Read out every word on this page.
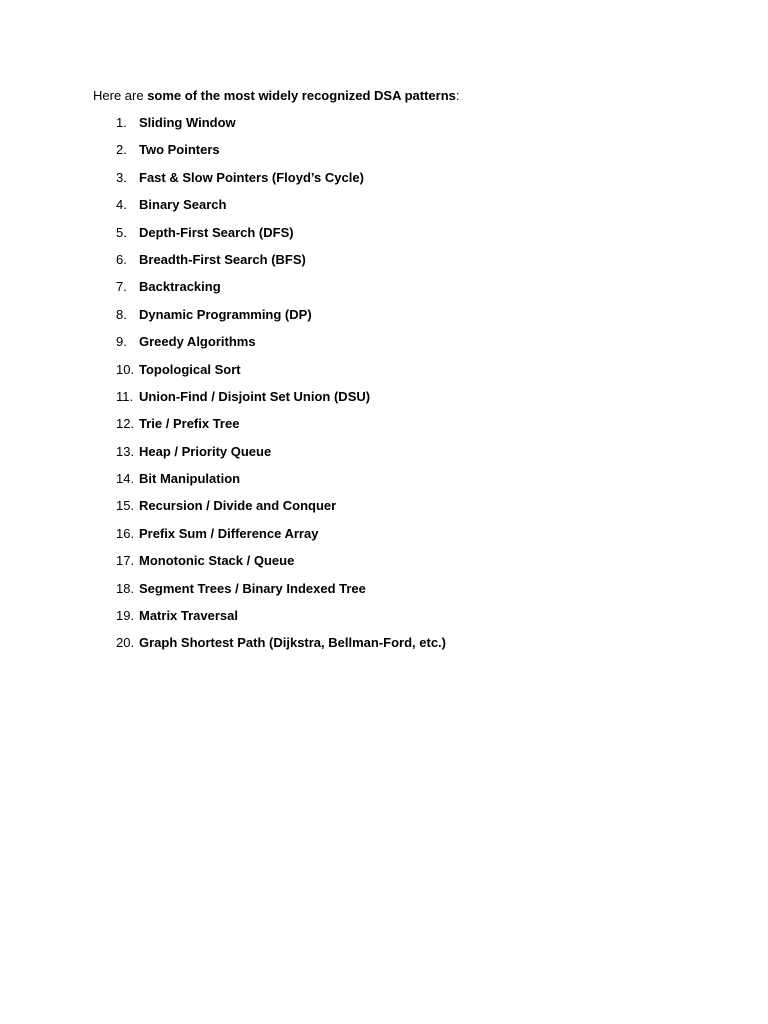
Here are some of the most widely recognized DSA patterns:

1. Sliding Window
2. Two Pointers
3. Fast & Slow Pointers (Floyd’s Cycle)
4. Binary Search
5. Depth-First Search (DFS)
6. Breadth-First Search (BFS)
7. Backtracking
8. Dynamic Programming (DP)
9. Greedy Algorithms
10. Topological Sort
11. Union-Find / Disjoint Set Union (DSU)
12. Trie / Prefix Tree
13. Heap / Priority Queue
14. Bit Manipulation
15. Recursion / Divide and Conquer
16. Prefix Sum / Difference Array
17. Monotonic Stack / Queue
18. Segment Trees / Binary Indexed Tree
19. Matrix Traversal
20. Graph Shortest Path (Dijkstra, Bellman-Ford, etc.)
